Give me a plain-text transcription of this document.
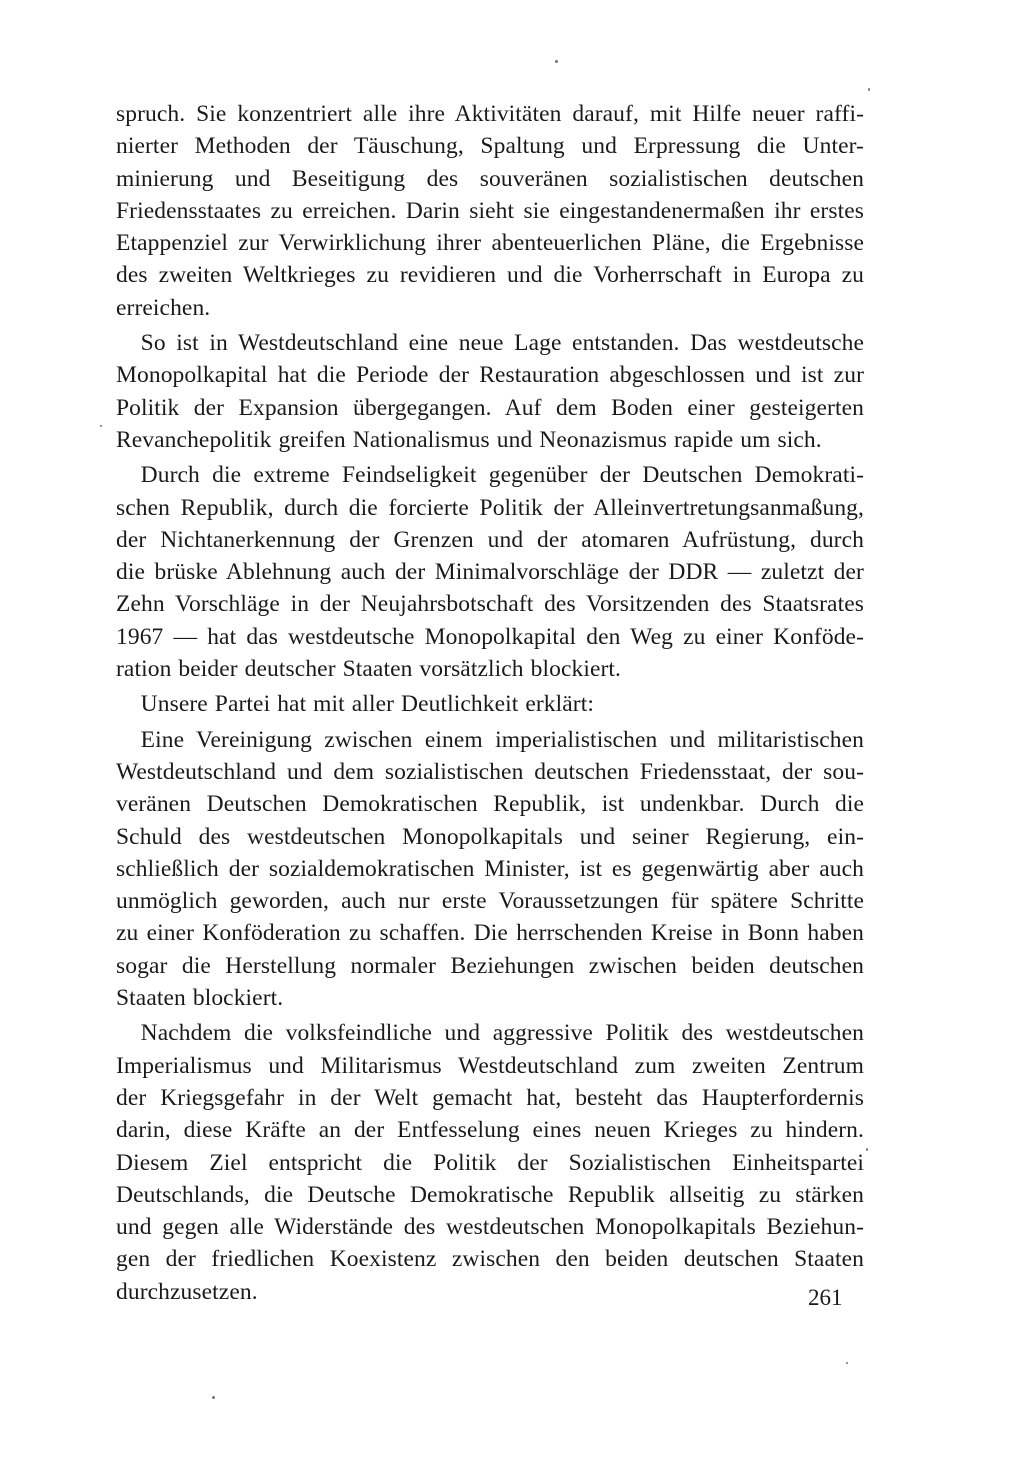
spruch. Sie konzentriert alle ihre Aktivitäten darauf, mit Hilfe neuer raffi-
nierter Methoden der Täuschung, Spaltung und Erpressung die Unter-
minierung und Beseitigung des souveränen sozialistischen deutschen
Friedensstaates zu erreichen. Darin sieht sie eingestandenermaßen ihr erstes
Etappenziel zur Verwirklichung ihrer abenteuerlichen Pläne, die Ergebnisse
des zweiten Weltkrieges zu revidieren und die Vorherrschaft in Europa zu
erreichen.
So ist in Westdeutschland eine neue Lage entstanden. Das westdeutsche
Monopolkapital hat die Periode der Restauration abgeschlossen und ist zur
Politik der Expansion übergegangen. Auf dem Boden einer gesteigerten
Revanchepolitik greifen Nationalismus und Neonazismus rapide um sich.
Durch die extreme Feindseligkeit gegenüber der Deutschen Demokrati-
schen Republik, durch die forcierte Politik der Alleinvertretungsanmaßung,
der Nichtanerkennung der Grenzen und der atomaren Aufrüstung, durch
die brüske Ablehnung auch der Minimalvorschläge der DDR — zuletzt der
Zehn Vorschläge in der Neujahrsbotschaft des Vorsitzenden des Staatsrates
1967 — hat das westdeutsche Monopolkapital den Weg zu einer Konföde-
ration beider deutscher Staaten vorsätzlich blockiert.
Unsere Partei hat mit aller Deutlichkeit erklärt:
Eine Vereinigung zwischen einem imperialistischen und militaristischen
Westdeutschland und dem sozialistischen deutschen Friedensstaat, der sou-
veränen Deutschen Demokratischen Republik, ist undenkbar. Durch die
Schuld des westdeutschen Monopolkapitals und seiner Regierung, ein-
schließlich der sozialdemokratischen Minister, ist es gegenwärtig aber auch
unmöglich geworden, auch nur erste Voraussetzungen für spätere Schritte
zu einer Konföderation zu schaffen. Die herrschenden Kreise in Bonn haben
sogar die Herstellung normaler Beziehungen zwischen beiden deutschen
Staaten blockiert.
Nachdem die volksfeindliche und aggressive Politik des westdeutschen
Imperialismus und Militarismus Westdeutschland zum zweiten Zentrum
der Kriegsgefahr in der Welt gemacht hat, besteht das Haupterfordernis
darin, diese Kräfte an der Entfesselung eines neuen Krieges zu hindern.
Diesem Ziel entspricht die Politik der Sozialistischen Einheitspartei
Deutschlands, die Deutsche Demokratische Republik allseitig zu stärken
und gegen alle Widerstände des westdeutschen Monopolkapitals Beziehun-
gen der friedlichen Koexistenz zwischen den beiden deutschen Staaten
durchzusetzen.	261
